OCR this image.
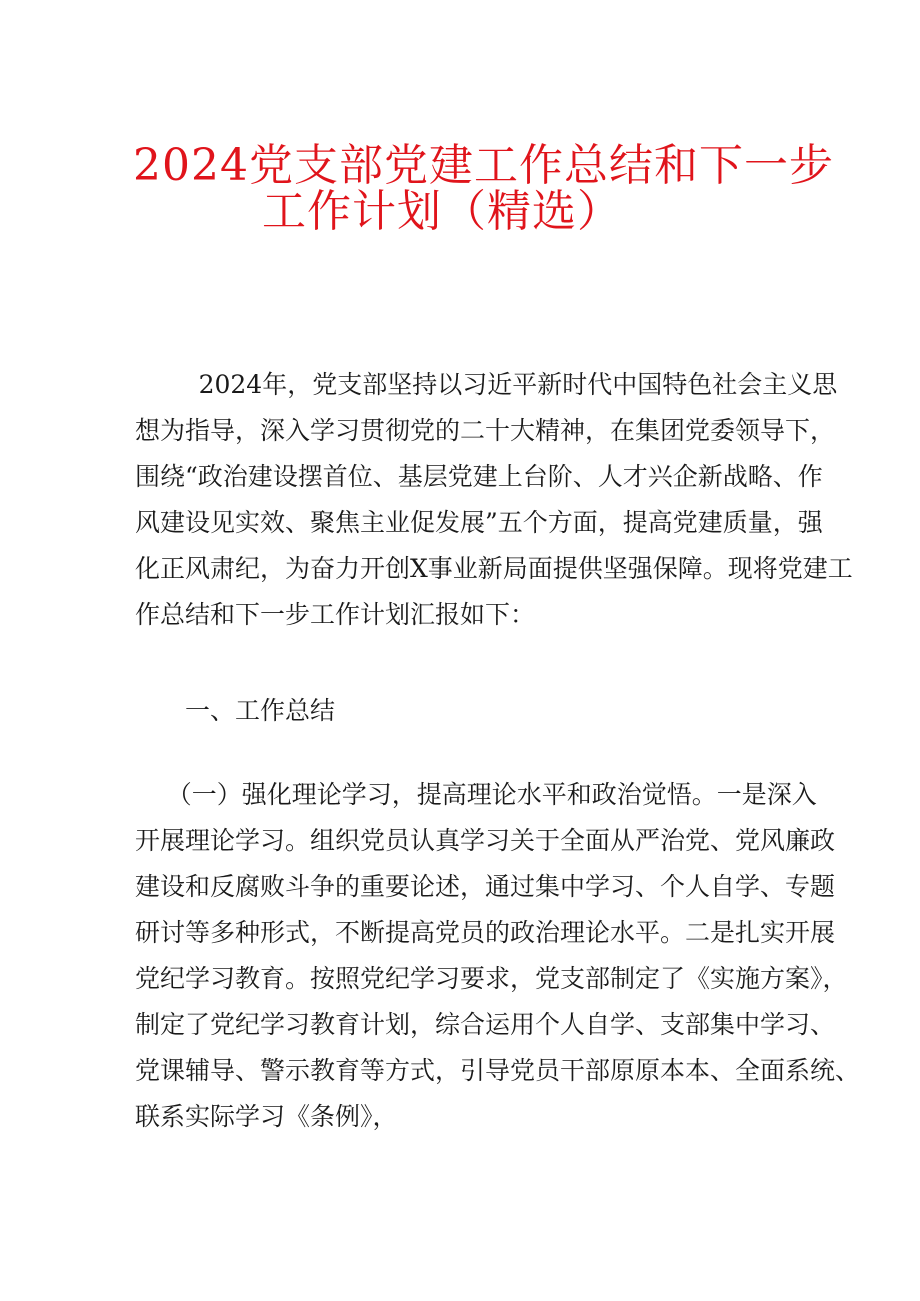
2024党支部党建工作总结和下一步
工作计划（精选）
2024年，党支部坚持以习近平新时代中国特色社会主义思
想为指导，深入学习贯彻党的二十大精神，在集团党委领导下，
围绕“政治建设摆首位、基层党建上台阶、人才兴企新战略、作
风建设见实效、聚焦主业促发展”五个方面，提高党建质量，强
化正风肃纪，为奋力开创X事业新局面提供坚强保障。现将党建工
作总结和下一步工作计划汇报如下：
一、工作总结
（一）强化理论学习，提高理论水平和政治觉悟。一是深入
开展理论学习。组织党员认真学习关于全面从严治党、党风廉政
建设和反腐败斗争的重要论述，通过集中学习、个人自学、专题
研讨等多种形式，不断提高党员的政治理论水平。二是扎实开展
党纪学习教育。按照党纪学习要求，党支部制定了《实施方案》，
制定了党纪学习教育计划，综合运用个人自学、支部集中学习、
党课辅导、警示教育等方式，引导党员干部原原本本、全面系统、
联系实际学习《条例》，
